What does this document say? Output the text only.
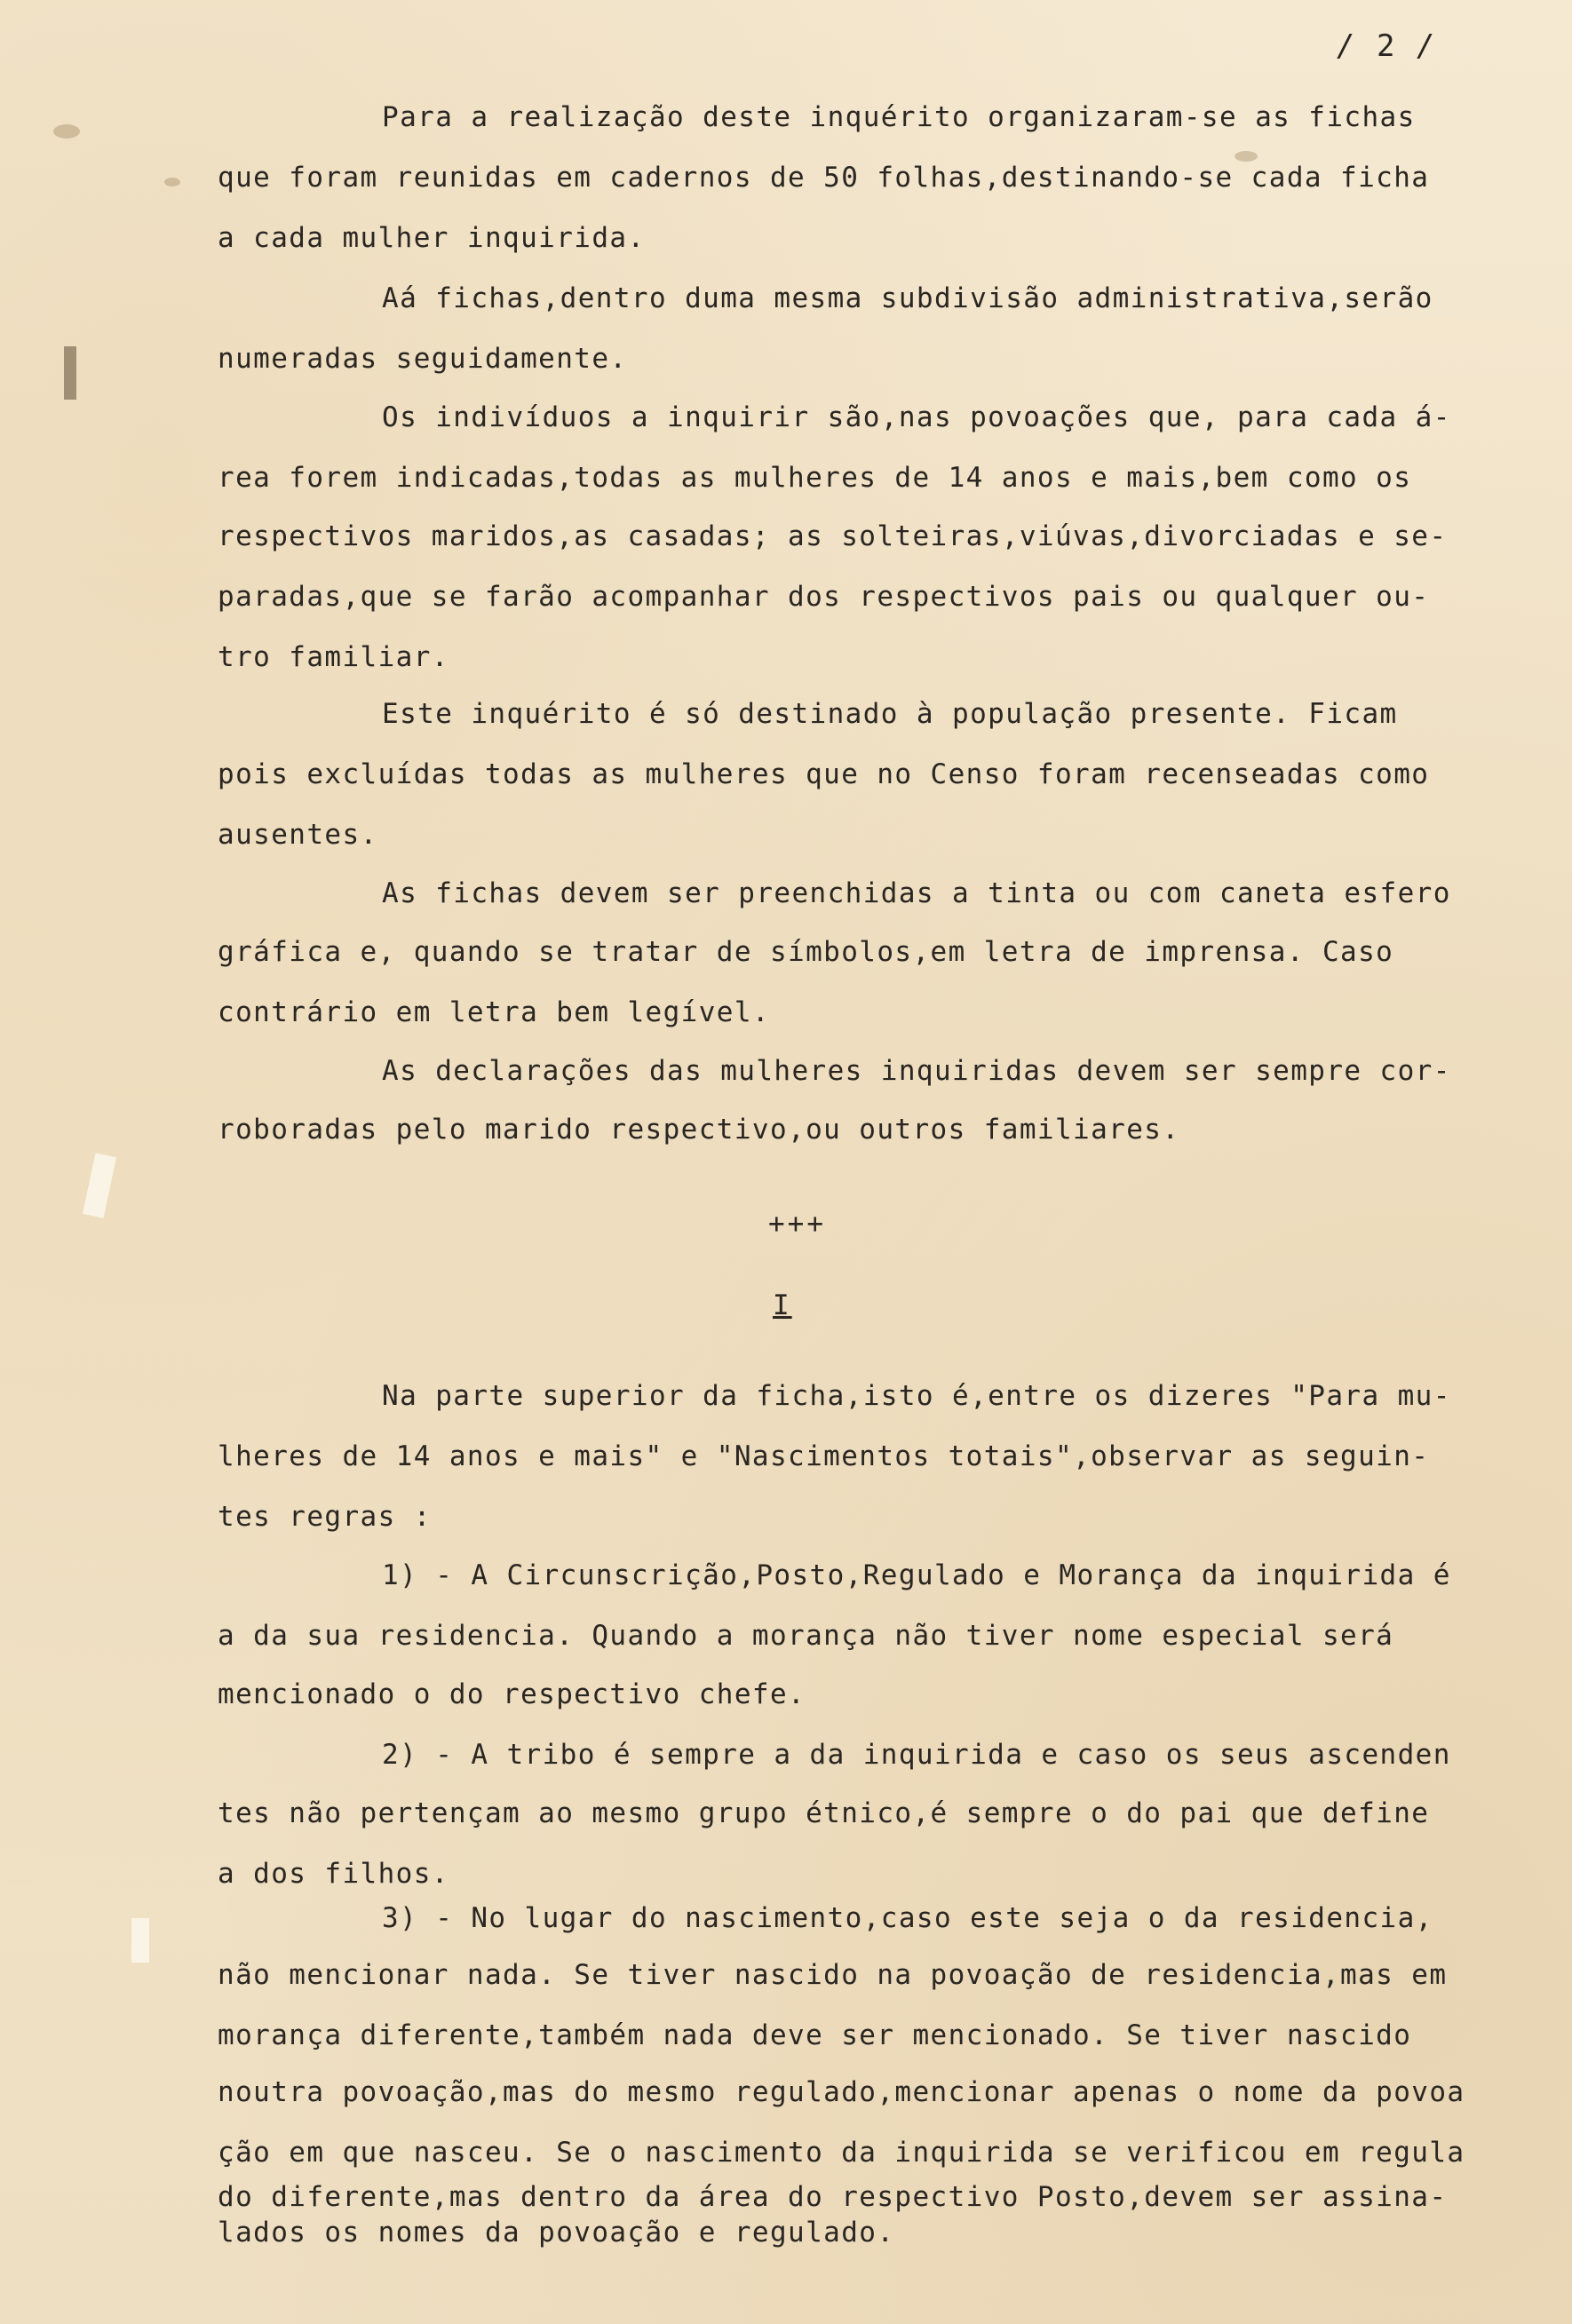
/ 2 /
Para a realização deste inquérito organizaram-se as fichas
que foram reunidas em cadernos de 50 folhas,destinando-se cada ficha
a cada mulher inquirida.
Aá fichas,dentro duma mesma subdivisão administrativa,serão
numeradas seguidamente.
Os indivíduos a inquirir são,nas povoações que, para cada á-
rea forem indicadas,todas as mulheres de 14 anos e mais,bem como os
respectivos maridos,as casadas; as solteiras,viúvas,divorciadas e se-
paradas,que se farão acompanhar dos respectivos pais ou qualquer ou-
tro familiar.
Este inquérito é só destinado à população presente. Ficam
pois excluídas todas as mulheres que no Censo foram recenseadas como
ausentes.
As fichas devem ser preenchidas a tinta ou com caneta esfero
gráfica e, quando se tratar de símbolos,em letra de imprensa. Caso
contrário em letra bem legível.
As declarações das mulheres inquiridas devem ser sempre cor-
roboradas pelo marido respectivo,ou outros familiares.
+++
I
Na parte superior da ficha,isto é,entre os dizeres "Para mu-
lheres de 14 anos e mais" e "Nascimentos totais",observar as seguin-
tes regras :
1) - A Circunscrição,Posto,Regulado e Morança da inquirida é
a da sua residencia. Quando a morança não tiver nome especial será
mencionado o do respectivo chefe.
2) - A tribo é sempre a da inquirida e caso os seus ascenden
tes não pertençam ao mesmo grupo étnico,é sempre o do pai que define
a dos filhos.
3) - No lugar do nascimento,caso este seja o da residencia,
não mencionar nada. Se tiver nascido na povoação de residencia,mas em
morança diferente,também nada deve ser mencionado. Se tiver nascido
noutra povoação,mas do mesmo regulado,mencionar apenas o nome da povoa
ção em que nasceu. Se o nascimento da inquirida se verificou em regula
do diferente,mas dentro da área do respectivo Posto,devem ser assina-
lados os nomes da povoação e regulado.
